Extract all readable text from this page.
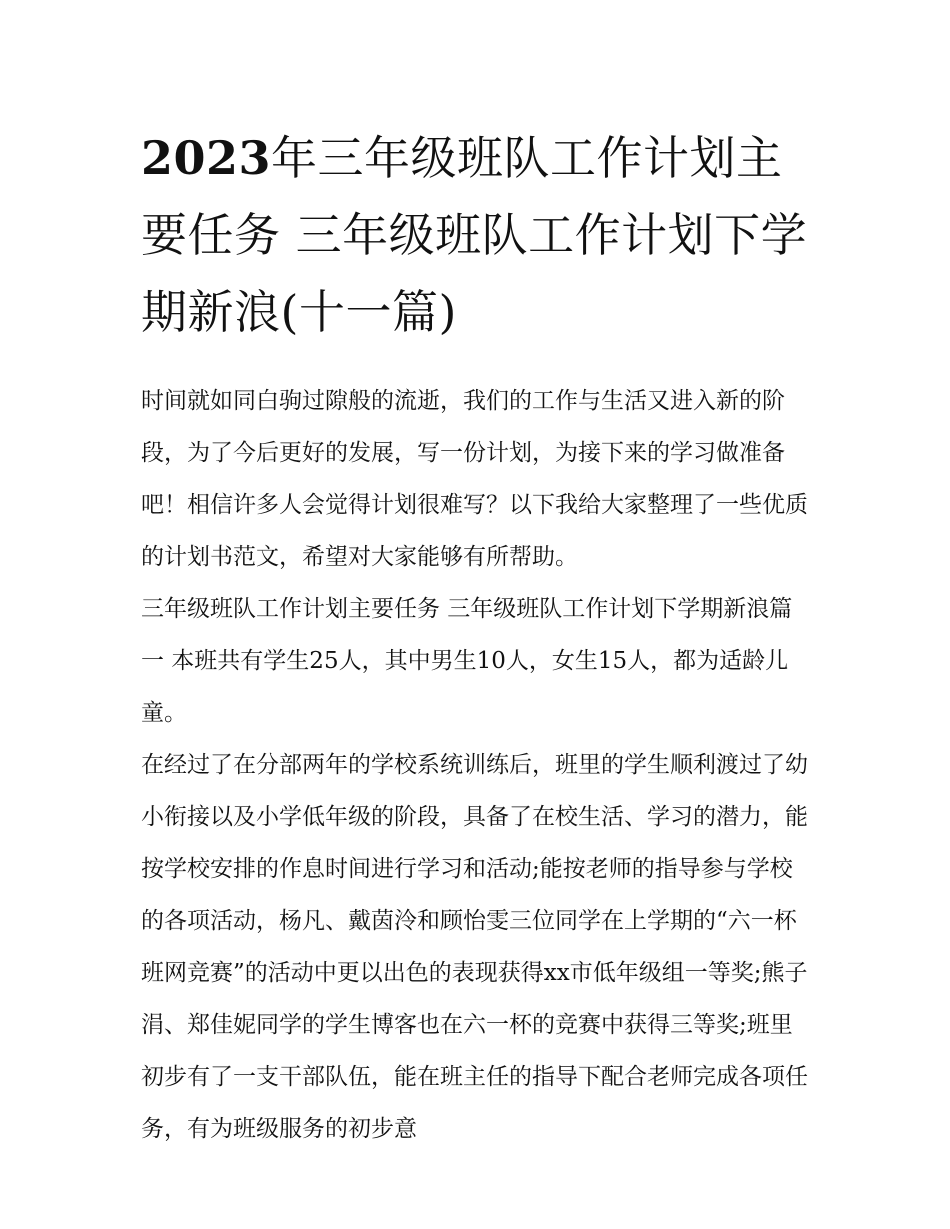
2023年三年级班队工作计划主要任务 三年级班队工作计划下学期新浪(十一篇)

时间就如同白驹过隙般的流逝，我们的工作与生活又进入新的阶段，为了今后更好的发展，写一份计划，为接下来的学习做准备吧！相信许多人会觉得计划很难写？以下我给大家整理了一些优质的计划书范文，希望对大家能够有所帮助。

三年级班队工作计划主要任务 三年级班队工作计划下学期新浪篇一 本班共有学生25人，其中男生10人，女生15人，都为适龄儿童。

在经过了在分部两年的学校系统训练后，班里的学生顺利渡过了幼小衔接以及小学低年级的阶段，具备了在校生活、学习的潜力，能按学校安排的作息时间进行学习和活动;能按老师的指导参与学校的各项活动，杨凡、戴茵泠和顾怡雯三位同学在上学期的“六一杯班网竞赛”的活动中更以出色的表现获得xx市低年级组一等奖;熊子涓、郑佳妮同学的学生博客也在六一杯的竞赛中获得三等奖;班里初步有了一支干部队伍，能在班主任的指导下配合老师完成各项任务，有为班级服务的初步意
